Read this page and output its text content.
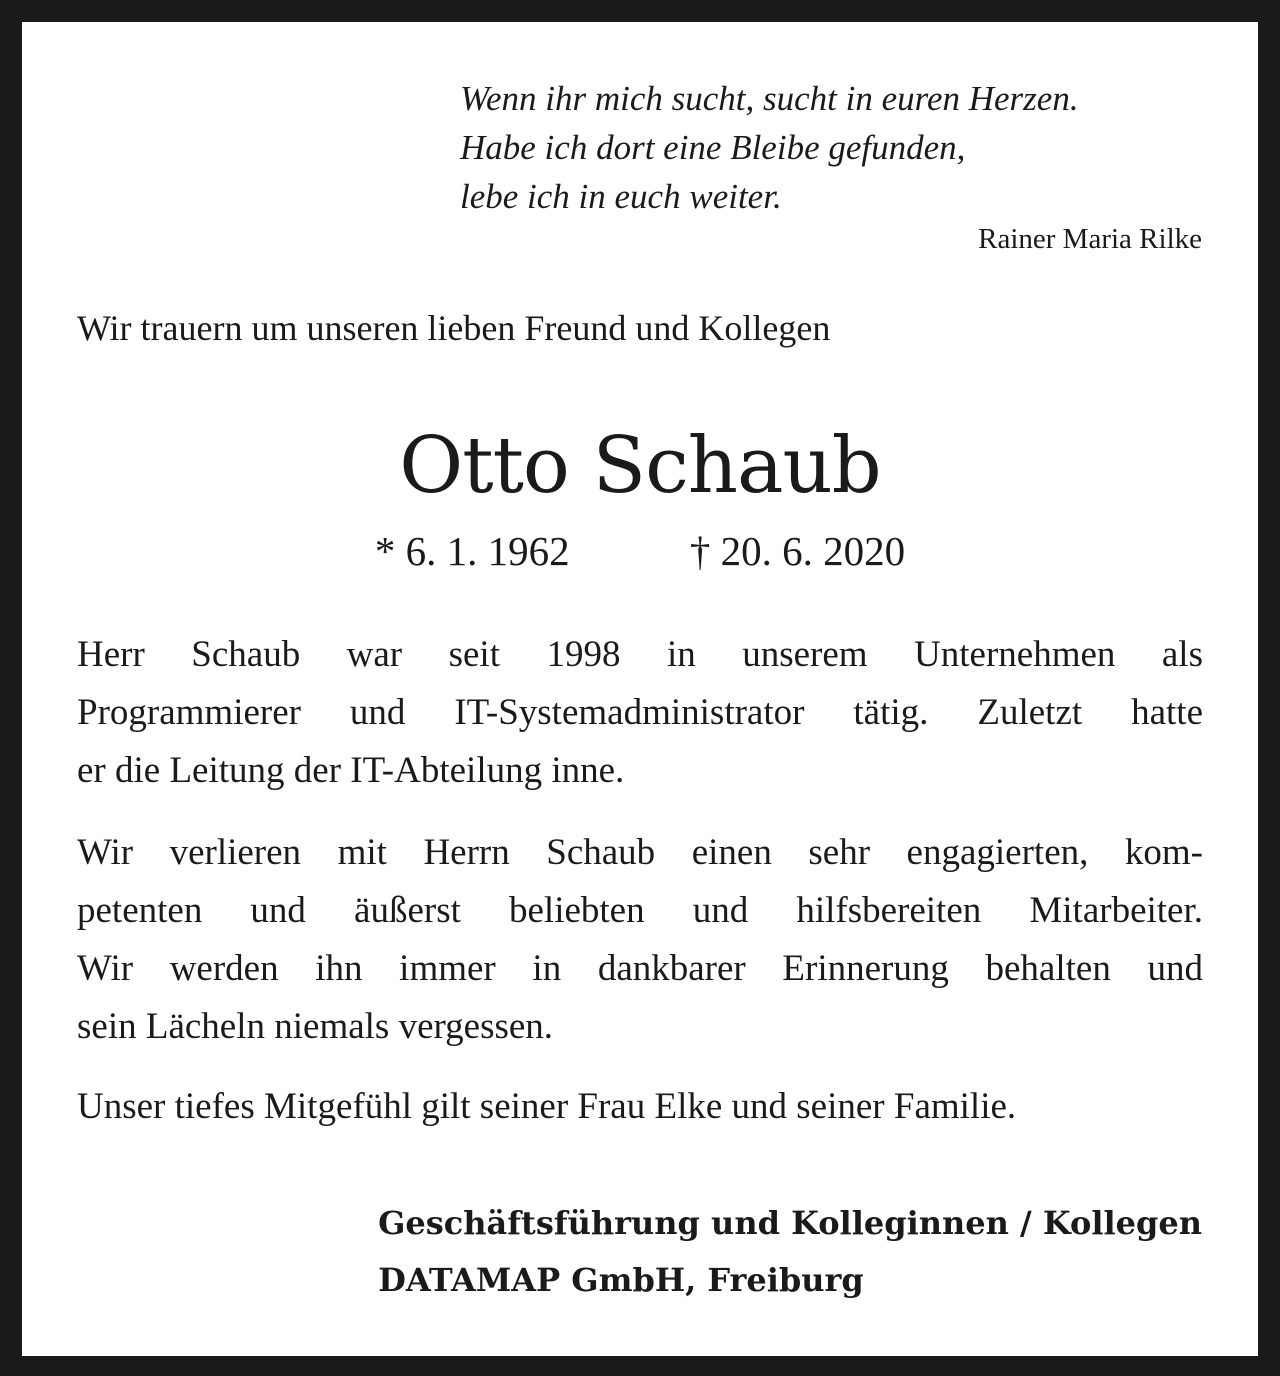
Wenn ihr mich sucht, sucht in euren Herzen.
Habe ich dort eine Bleibe gefunden,
lebe ich in euch weiter.
Rainer Maria Rilke
Wir trauern um unseren lieben Freund und Kollegen
Otto Schaub
* 6. 1. 1962	† 20. 6. 2020
Herr Schaub war seit 1998 in unserem Unternehmen als
Programmierer und IT-Systemadministrator tätig. Zuletzt hatte
er die Leitung der IT-Abteilung inne.
Wir verlieren mit Herrn Schaub einen sehr engagierten, kom-
petenten und äußerst beliebten und hilfsbereiten Mitarbeiter.
Wir werden ihn immer in dankbarer Erinnerung behalten und
sein Lächeln niemals vergessen.
Unser tiefes Mitgefühl gilt seiner Frau Elke und seiner Familie.
Geschäftsführung und Kolleginnen / Kollegen
DATAMAP GmbH, Freiburg
